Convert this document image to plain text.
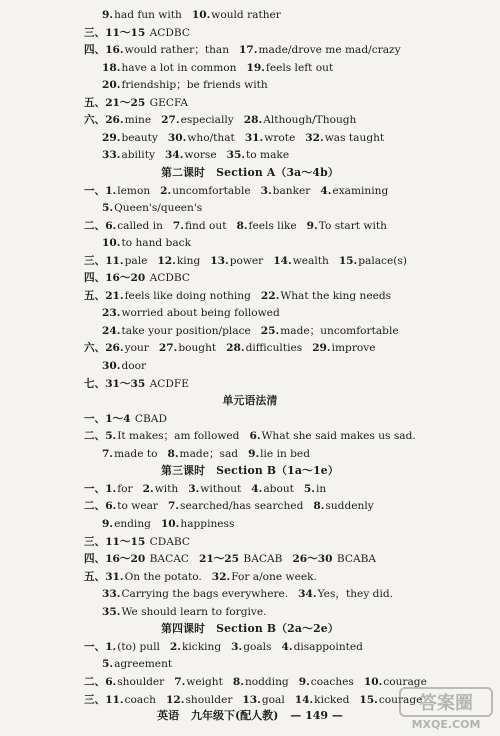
9.had fun with 10.would rather
三、11～15 ACDBC
四、16.would rather；than 17.made/drove me mad/crazy
18.have a lot in common 19.feels left out
20.friendship；be friends with
五、21～25 GECFA
六、26.mine 27.especially 28.Although/Though
29.beauty 30.who/that 31.wrote 32.was taught
33.ability 34.worse 35.to make
第二课时　Section A（3a～4b）
一、1.lemon 2.uncomfortable 3.banker 4.examining
5.Queen's/queen's
二、6.called in 7.find out 8.feels like 9.To start with
10.to hand back
三、11.pale 12.king 13.power 14.wealth 15.palace(s)
四、16～20 ACDBC
五、21.feels like doing nothing 22.What the king needs
23.worried about being followed
24.take your position/place 25.made；uncomfortable
六、26.your 27.bought 28.difficulties 29.improve
30.door
七、31～35 ACDFE
单元语法清
一、1～4 CBAD
二、5.It makes；am followed 6.What she said makes us sad.
7.made to 8.made；sad 9.lie in bed
第三课时　Section B（1a～1e）
一、1.for 2.with 3.without 4.about 5.in
二、6.to wear 7.searched/has searched 8.suddenly
9.ending 10.happiness
三、11～15 CDABC
四、16～20 BACAC 21～25 BACAB 26～30 BCABA
五、31.On the potato. 32.For a/one week.
33.Carrying the bags everywhere. 34.Yes，they did.
35.We should learn to forgive.
第四课时　Section B（2a～2e）
一、1.(to) pull 2.kicking 3.goals 4.disappointed
5.agreement
二、6.shoulder 7.weight 8.nodding 9.coaches 10.courage
三、11.coach 12.shoulder 13.goal 14.kicked 15.courage
英语 九年级下(配人教) — 149 —
答案圈
MXQE.COM
